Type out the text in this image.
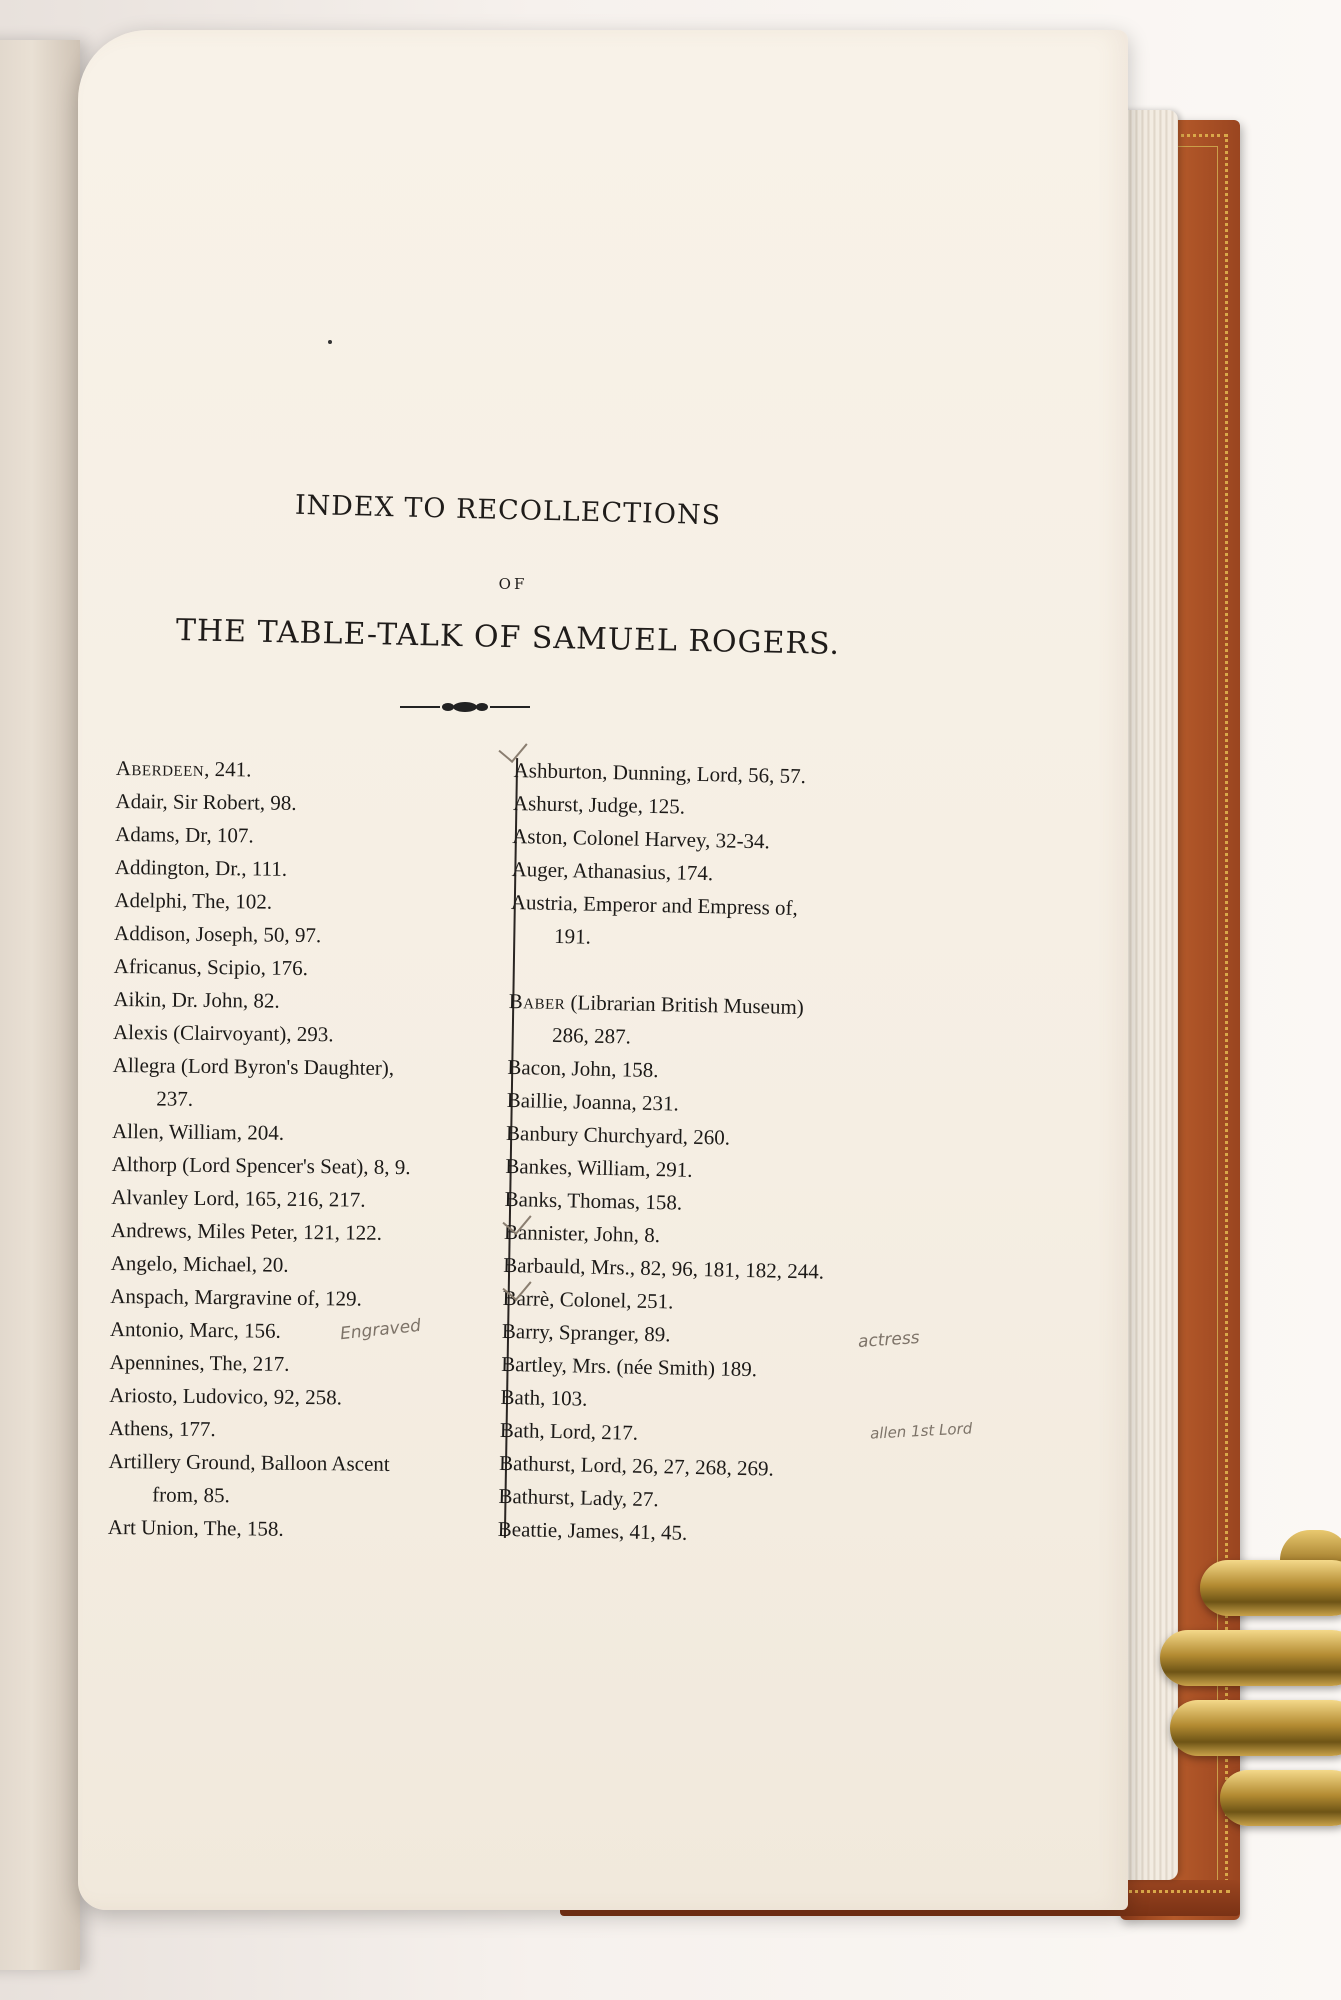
INDEX TO RECOLLECTIONS
OF
THE TABLE-TALK OF SAMUEL ROGERS.
Aberdeen, 241.
Adair, Sir Robert, 98.
Adams, Dr, 107.
Addington, Dr., 111.
Adelphi, The, 102.
Addison, Joseph, 50, 97.
Africanus, Scipio, 176.
Aikin, Dr. John, 82.
Alexis (Clairvoyant), 293.
Allegra (Lord Byron's Daughter),
237.
Allen, William, 204.
Althorp (Lord Spencer's Seat), 8, 9.
Alvanley Lord, 165, 216, 217.
Andrews, Miles Peter, 121, 122.
Angelo, Michael, 20.
Anspach, Margravine of, 129.
Antonio, Marc, 156.
Apennines, The, 217.
Ariosto, Ludovico, 92, 258.
Athens, 177.
Artillery Ground, Balloon Ascent
from, 85.
Art Union, The, 158.
Ashburton, Dunning, Lord, 56, 57.
Ashurst, Judge, 125.
Aston, Colonel Harvey, 32-34.
Auger, Athanasius, 174.
Austria, Emperor and Empress of,
191.
Baber (Librarian British Museum)
286, 287.
Bacon, John, 158.
Baillie, Joanna, 231.
Banbury Churchyard, 260.
Bankes, William, 291.
Banks, Thomas, 158.
Bannister, John, 8.
Barbauld, Mrs., 82, 96, 181, 182, 244.
Barrè, Colonel, 251.
Barry, Spranger, 89.
Bartley, Mrs. (née Smith) 189.
Bath, 103.
Bath, Lord, 217.
Bathurst, Lord, 26, 27, 268, 269.
Bathurst, Lady, 27.
Beattie, James, 41, 45.
Engraved	actress
allen 1st Lord
